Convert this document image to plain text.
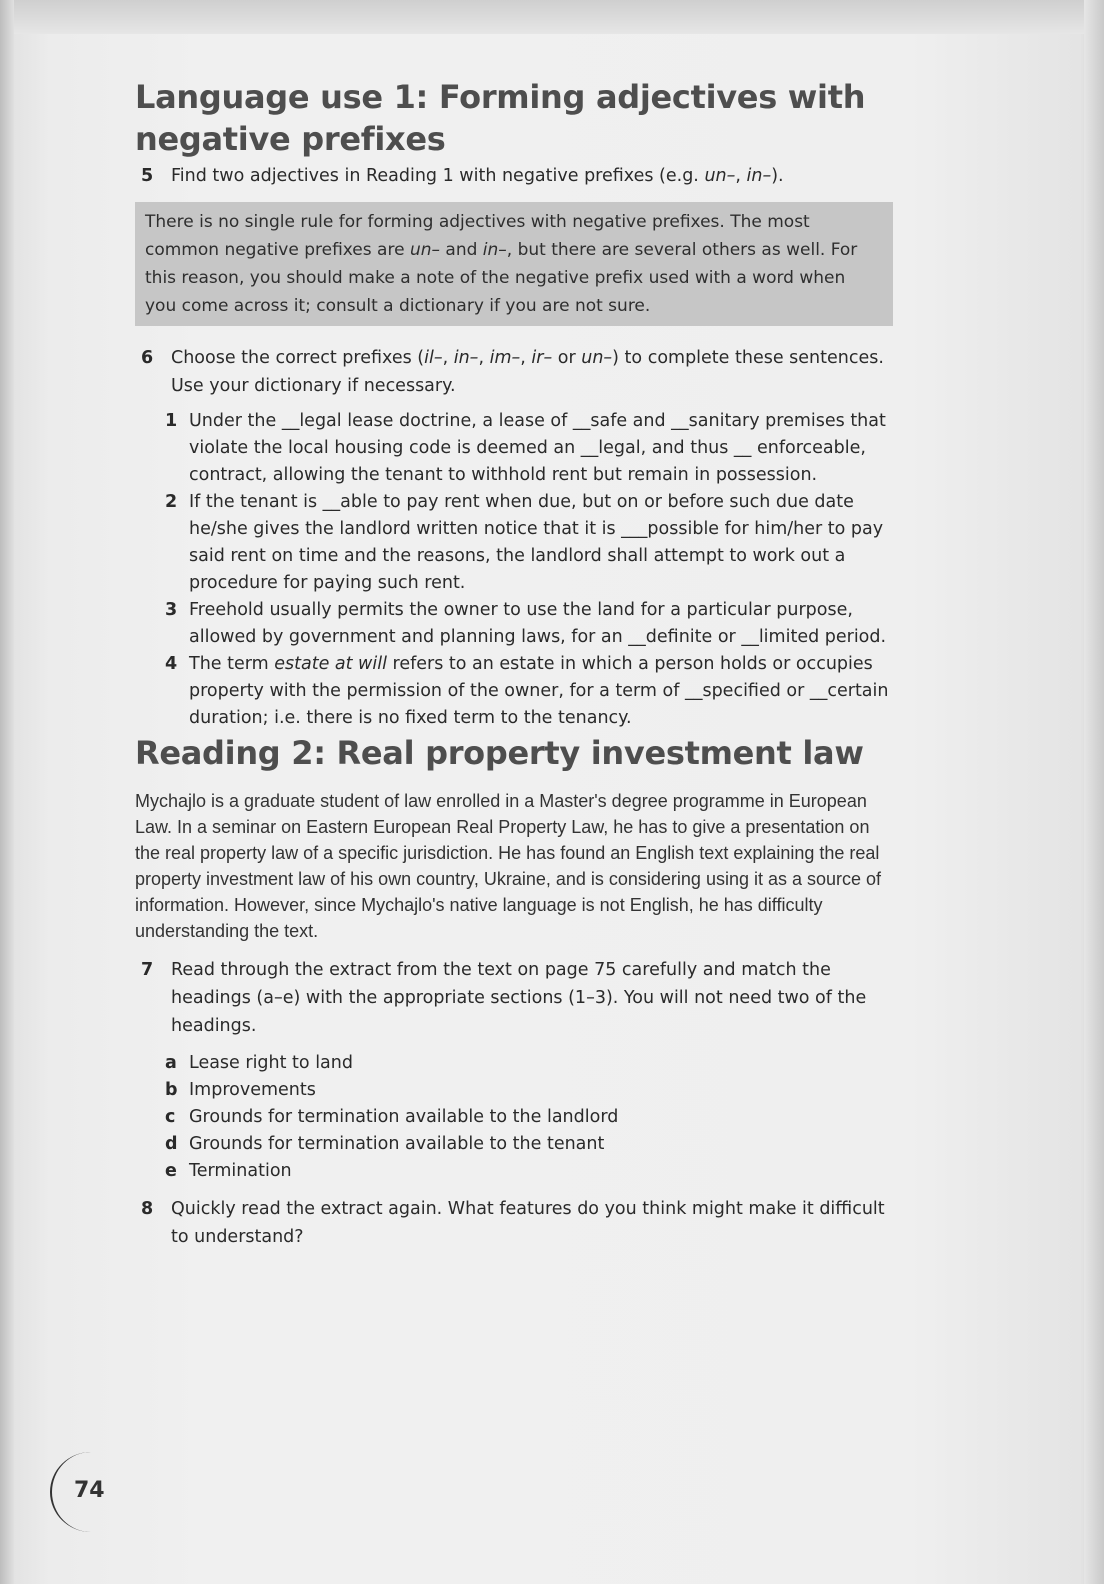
Language use 1: Forming adjectives with negative prefixes
5	Find two adjectives in Reading 1 with negative prefixes (e.g. un–, in–).
There is no single rule for forming adjectives with negative prefixes. The most common negative prefixes are un– and in–, but there are several others as well. For this reason, you should make a note of the negative prefix used with a word when you come across it; consult a dictionary if you are not sure.
6	Choose the correct prefixes (il–, in–, im–, ir– or un–) to complete these sentences. Use your dictionary if necessary.
1 Under the __legal lease doctrine, a lease of __safe and __sanitary premises that violate the local housing code is deemed an __legal, and thus __ enforceable, contract, allowing the tenant to withhold rent but remain in possession.
2 If the tenant is __able to pay rent when due, but on or before such due date he/she gives the landlord written notice that it is ___possible for him/her to pay said rent on time and the reasons, the landlord shall attempt to work out a procedure for paying such rent.
3 Freehold usually permits the owner to use the land for a particular purpose, allowed by government and planning laws, for an __definite or __limited period.
4 The term estate at will refers to an estate in which a person holds or occupies property with the permission of the owner, for a term of __specified or __certain duration; i.e. there is no fixed term to the tenancy.
Reading 2: Real property investment law
Mychajlo is a graduate student of law enrolled in a Master's degree programme in European Law. In a seminar on Eastern European Real Property Law, he has to give a presentation on the real property law of a specific jurisdiction. He has found an English text explaining the real property investment law of his own country, Ukraine, and is considering using it as a source of information. However, since Mychajlo's native language is not English, he has difficulty understanding the text.
7	Read through the extract from the text on page 75 carefully and match the headings (a–e) with the appropriate sections (1–3). You will not need two of the headings.
a Lease right to land
b Improvements
c Grounds for termination available to the landlord
d Grounds for termination available to the tenant
e Termination
8	Quickly read the extract again. What features do you think might make it difficult to understand?
74
